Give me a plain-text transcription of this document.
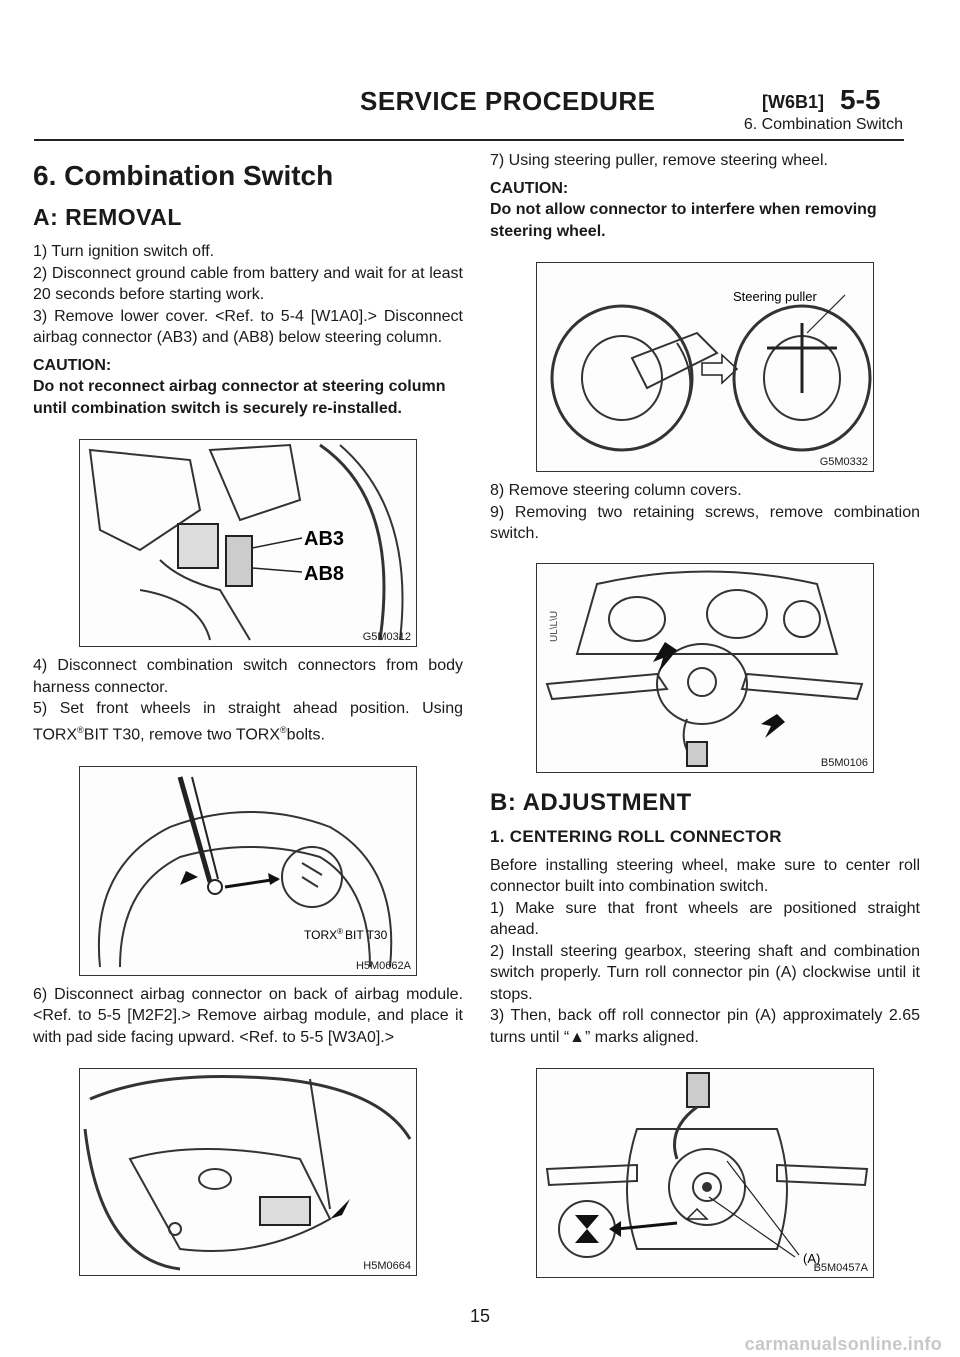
SERVICE PROCEDURE	[W6B1] 5-5
6. Combination Switch
6. Combination Switch
A: REMOVAL

1) Turn ignition switch off.

2) Disconnect ground cable from battery and wait for at least 20 seconds before starting work.

3) Remove lower cover. <Ref. to 5-4 [W1A0].> Disconnect airbag connector (AB3) and (AB8) below steering column.

CAUTION:
Do not reconnect airbag connector at steering column until combination switch is securely re-installed.
AB3
AB8
G5M0312

4) Disconnect combination switch connectors from body harness connector.

5) Set front wheels in straight ahead position. Using TORX®BIT T30, remove two TORX®bolts.

TORX® BIT T30
H5M0662A

6) Disconnect airbag connector on back of airbag module. <Ref. to 5-5 [M2F2].> Remove airbag module, and place it with pad side facing upward. <Ref. to 5-5 [W3A0].>

H5M0664

7) Using steering puller, remove steering wheel.

CAUTION:
Do not allow connector to interfere when removing steering wheel.
Steering puller
G5M0332

8) Remove steering column covers.

9) Removing two retaining screws, remove combination switch.

UL\L\U
B5M0106
B: ADJUSTMENT
1. CENTERING ROLL CONNECTOR

Before installing steering wheel, make sure to center roll connector built into combination switch.

1) Make sure that front wheels are positioned straight ahead.

2) Install steering gearbox, steering shaft and combination switch properly. Turn roll connector pin (A) clockwise until it stops.

3) Then, back off roll connector pin (A) approximately 2.65 turns until “▲” marks aligned.

(A)
B5M0457A
15
carmanualsonline.info
